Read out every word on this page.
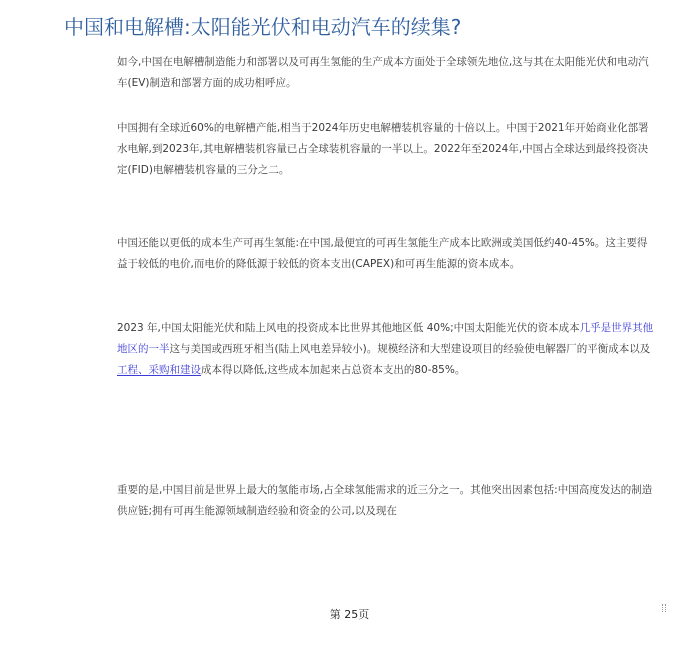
中国和电解槽:太阳能光伏和电动汽车的续集?

如今,中国在电解槽制造能力和部署以及可再生氢能的生产成本方面处于全球领先地位,这与其在太阳能光伏和电动汽车(EV)制造和部署方面的成功相呼应。

中国拥有全球近60%的电解槽产能,相当于2024年历史电解槽装机容量的十倍以上。中国于2021年开始商业化部署水电解,到2023年,其电解槽装机容量已占全球装机容量的一半以上。2022年至2024年,中国占全球达到最终投资决定(FID)电解槽装机容量的三分之二。

中国还能以更低的成本生产可再生氢能:在中国,最便宜的可再生氢能生产成本比欧洲或美国低约40-45%。这主要得益于较低的电价,而电价的降低源于较低的资本支出(CAPEX)和可再生能源的资本成本。

2023 年,中国太阳能光伏和陆上风电的投资成本比世界其他地区低 40%;中国太阳能光伏的资本成本几乎是世界其他地区的一半这与美国或西班牙相当(陆上风电差异较小)。规模经济和大型建设项目的经验使电解器厂的平衡成本以及工程、采购和建设成本得以降低,这些成本加起来占总资本支出的80-85%。

重要的是,中国目前是世界上最大的氢能市场,占全球氢能需求的近三分之一。其他突出因素包括:中国高度发达的制造供应链;拥有可再生能源领域制造经验和资金的公司,以及现在

第 25页
